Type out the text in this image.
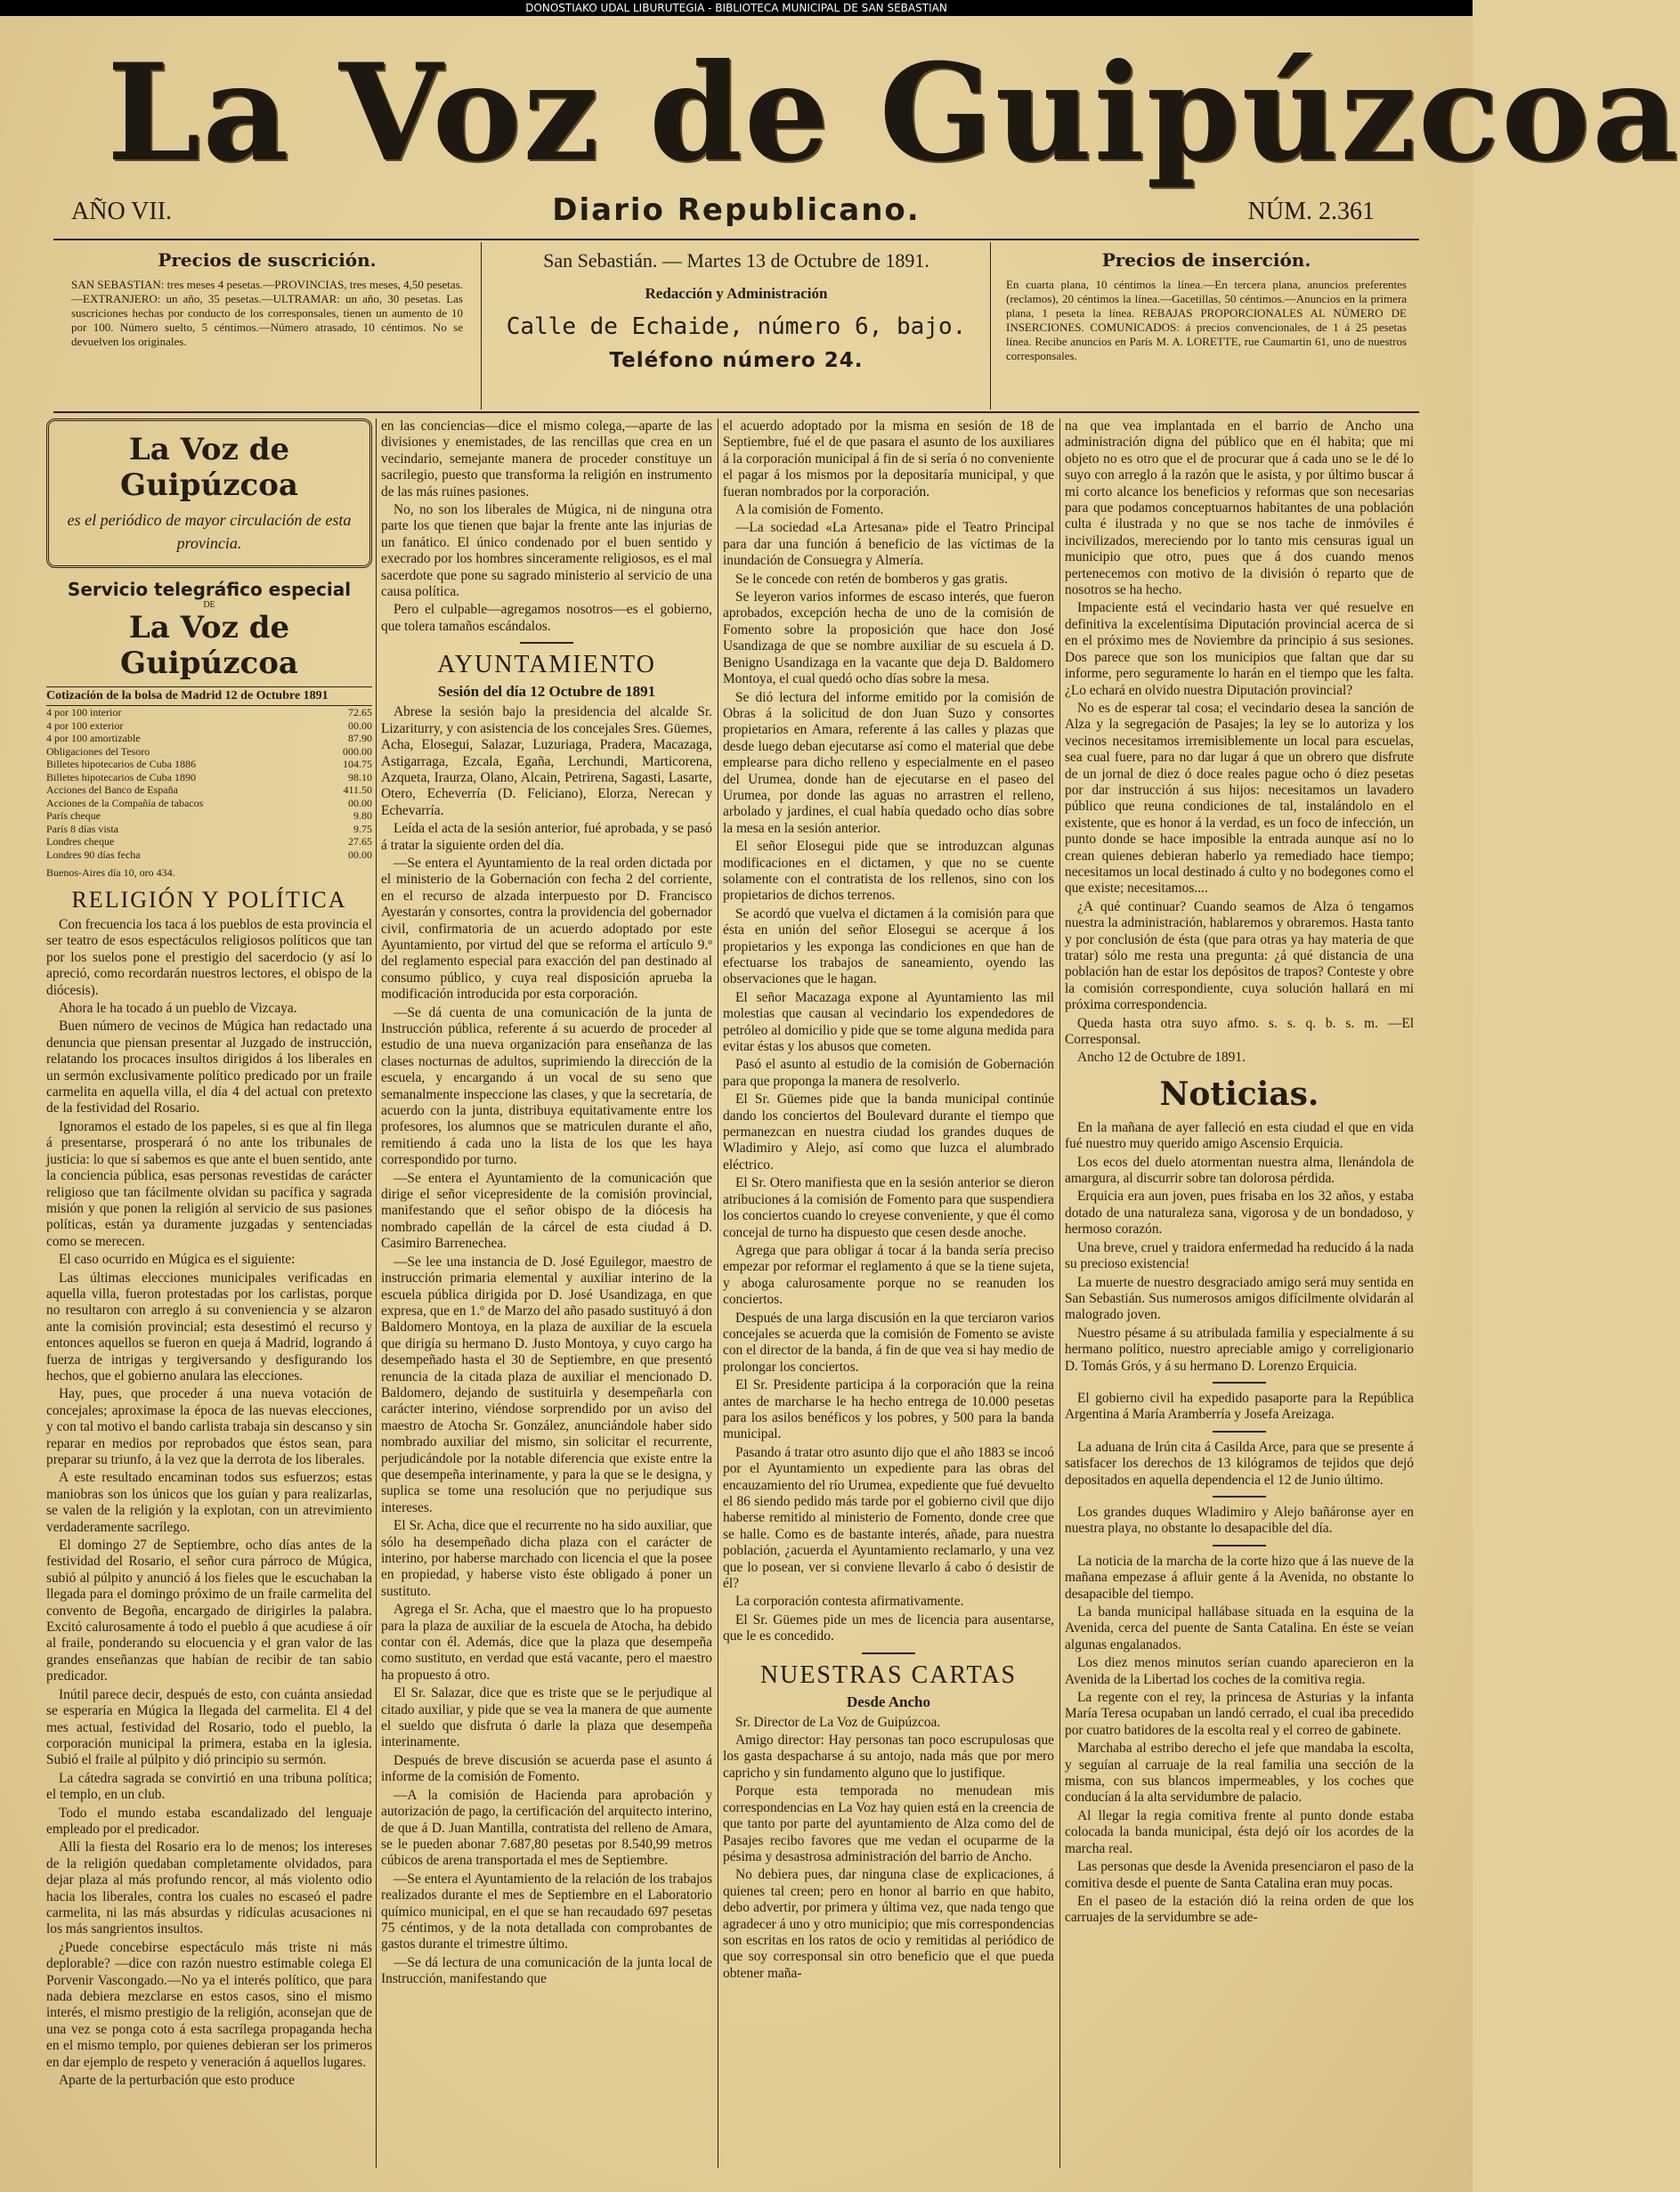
DONOSTIAKO UDAL LIBURUTEGIA - BIBLIOTECA MUNICIPAL DE SAN SEBASTIAN
La Voz de Guipúzcoa
AÑO VII.	Diario Republicano.	NÚM. 2.361
Precios de suscrición.
SAN SEBASTIAN: tres meses 4 pesetas.—PROVINCIAS, tres meses, 4,50 pesetas.—EXTRANJERO: un año, 35 pesetas.—ULTRAMAR: un año, 30 pesetas. Las suscriciones hechas por conducto de los corresponsales, tienen un aumento de 10 por 100. Número suelto, 5 céntimos.—Número atrasado, 10 céntimos. No se devuelven los originales.
San Sebastián. — Martes 13 de Octubre de 1891.
Redacción y Administración
Calle de Echaide, número 6, bajo.
Teléfono número 24.
Precios de inserción.
En cuarta plana, 10 céntimos la línea.—En tercera plana, anuncios preferentes (reclamos), 20 céntimos la línea.—Gacetillas, 50 céntimos.—Anuncios en la primera plana, 1 peseta la línea. REBAJAS PROPORCIONALES AL NÚMERO DE INSERCIONES. COMUNICADOS: á precios convencionales, de 1 á 25 pesetas línea. Recibe anuncios en París M. A. LORETTE, rue Caumartin 61, uno de nuestros corresponsales.
La Voz de Guipúzcoa
es el periódico de mayor circulación de esta provincia.
Servicio telegráfico especial
DE
La Voz de Guipúzcoa
Cotización de la bolsa de Madrid 12 de Octubre 1891
4 por 100 interior	72.65
4 por 100 exterior	00.00
4 por 100 amortizable	87.90
Obligaciones del Tesoro	000.00
Billetes hipotecarios de Cuba 1886	104.75
Billetes hipotecarios de Cuba 1890	98.10
Acciones del Banco de España	411.50
Acciones de la Compañía de tabacos	00.00
París cheque	9.80
París 8 días vista	9.75
Londres cheque	27.65
Londres 90 días fecha	00.00
Buenos-Aires día 10, oro 434.
RELIGIÓN Y POLÍTICA

Con frecuencia los taca á los pueblos de esta provincia el ser teatro de esos espectáculos religiosos políticos que tan por los suelos pone el prestigio del sacerdocio (y así lo apreció, como recordarán nuestros lectores, el obispo de la diócesis).

Ahora le ha tocado á un pueblo de Vizcaya.

Buen número de vecinos de Múgica han redactado una denuncia que piensan presentar al Juzgado de instrucción, relatando los procaces insultos dirigidos á los liberales en un sermón exclusivamente político predicado por un fraile carmelita en aquella villa, el día 4 del actual con pretexto de la festividad del Rosario.

Ignoramos el estado de los papeles, si es que al fin llega á presentarse, prosperará ó no ante los tribunales de justicia: lo que sí sabemos es que ante el buen sentido, ante la conciencia pública, esas personas revestidas de carácter religioso que tan fácilmente olvidan su pacífica y sagrada misión y que ponen la religión al servicio de sus pasiones políticas, están ya duramente juzgadas y sentenciadas como se merecen.

El caso ocurrido en Múgica es el siguiente:

Las últimas elecciones municipales verificadas en aquella villa, fueron protestadas por los carlistas, porque no resultaron con arreglo á su conveniencia y se alzaron ante la comisión provincial; esta desestimó el recurso y entonces aquellos se fueron en queja á Madrid, logrando á fuerza de intrigas y tergiversando y desfigurando los hechos, que el gobierno anulara las elecciones.

Hay, pues, que proceder á una nueva votación de concejales; aproximase la época de las nuevas elecciones, y con tal motivo el bando carlista trabaja sin descanso y sin reparar en medios por reprobados que éstos sean, para preparar su triunfo, á la vez que la derrota de los liberales.

A este resultado encaminan todos sus esfuerzos; estas maniobras son los únicos que los guían y para realizarlas, se valen de la religión y la explotan, con un atrevimiento verdaderamente sacrílego.

El domingo 27 de Septiembre, ocho días antes de la festividad del Rosario, el señor cura párroco de Múgica, subió al púlpito y anunció á los fieles que le escuchaban la llegada para el domingo próximo de un fraile carmelita del convento de Begoña, encargado de dirigirles la palabra. Excitó calurosamente á todo el pueblo á que acudiese á oír al fraile, ponderando su elocuencia y el gran valor de las grandes enseñanzas que habían de recibir de tan sabio predicador.

Inútil parece decir, después de esto, con cuánta ansiedad se esperaría en Múgica la llegada del carmelita. El 4 del mes actual, festividad del Rosario, todo el pueblo, la corporación municipal la primera, estaba en la iglesia. Subió el fraile al púlpito y dió principio su sermón.

La cátedra sagrada se convirtió en una tribuna política; el templo, en un club.

Todo el mundo estaba escandalizado del lenguaje empleado por el predicador.

Allí la fiesta del Rosario era lo de menos; los intereses de la religión quedaban completamente olvidados, para dejar plaza al más profundo rencor, al más violento odio hacia los liberales, contra los cuales no escaseó el padre carmelita, ni las más absurdas y ridículas acusaciones ni los más sangrientos insultos.

¿Puede concebirse espectáculo más triste ni más deplorable? —dice con razón nuestro estimable colega El Porvenir Vascongado.—No ya el interés político, que para nada debiera mezclarse en estos casos, sino el mismo interés, el mismo prestigio de la religión, aconsejan que de una vez se ponga coto á esta sacrílega propaganda hecha en el mismo templo, por quienes debieran ser los primeros en dar ejemplo de respeto y veneración á aquellos lugares.

Aparte de la perturbación que esto produce

en las conciencias—dice el mismo colega,—aparte de las divisiones y enemistades, de las rencillas que crea en un vecindario, semejante manera de proceder constituye un sacrilegio, puesto que transforma la religión en instrumento de las más ruines pasiones.

No, no son los liberales de Múgica, ni de ninguna otra parte los que tienen que bajar la frente ante las injurias de un fanático. El único condenado por el buen sentido y execrado por los hombres sinceramente religiosos, es el mal sacerdote que pone su sagrado ministerio al servicio de una causa política.

Pero el culpable—agregamos nosotros—es el gobierno, que tolera tamaños escándalos.

AYUNTAMIENTO
Sesión del día 12 Octubre de 1891

Abrese la sesión bajo la presidencia del alcalde Sr. Lizariturry, y con asistencia de los concejales Sres. Güemes, Acha, Elosegui, Salazar, Luzuriaga, Pradera, Macazaga, Astigarraga, Ezcala, Egaña, Lerchundi, Marticorena, Azqueta, Iraurza, Olano, Alcain, Petrirena, Sagasti, Lasarte, Otero, Echeverría (D. Feliciano), Elorza, Nerecan y Echevarría.

Leída el acta de la sesión anterior, fué aprobada, y se pasó á tratar la siguiente orden del día.

—Se entera el Ayuntamiento de la real orden dictada por el ministerio de la Gobernación con fecha 2 del corriente, en el recurso de alzada interpuesto por D. Francisco Ayestarán y consortes, contra la providencia del gobernador civil, confirmatoria de un acuerdo adoptado por este Ayuntamiento, por virtud del que se reforma el artículo 9.º del reglamento especial para exacción del pan destinado al consumo público, y cuya real disposición aprueba la modificación introducida por esta corporación.

—Se dá cuenta de una comunicación de la junta de Instrucción pública, referente á su acuerdo de proceder al estudio de una nueva organización para enseñanza de las clases nocturnas de adultos, suprimiendo la dirección de la escuela, y encargando á un vocal de su seno que semanalmente inspeccione las clases, y que la secretaría, de acuerdo con la junta, distribuya equitativamente entre los profesores, los alumnos que se matriculen durante el año, remitiendo á cada uno la lista de los que les haya correspondido por turno.

—Se entera el Ayuntamiento de la comunicación que dirige el señor vicepresidente de la comisión provincial, manifestando que el señor obispo de la diócesis ha nombrado capellán de la cárcel de esta ciudad á D. Casimiro Barrenechea.

—Se lee una instancia de D. José Eguilegor, maestro de instrucción primaria elemental y auxiliar interino de la escuela pública dirigida por D. José Usandizaga, en que expresa, que en 1.º de Marzo del año pasado sustituyó á don Baldomero Montoya, en la plaza de auxiliar de la escuela que dirigía su hermano D. Justo Montoya, y cuyo cargo ha desempeñado hasta el 30 de Septiembre, en que presentó renuncia de la citada plaza de auxiliar el mencionado D. Baldomero, dejando de sustituirla y desempeñarla con carácter interino, viéndose sorprendido por un aviso del maestro de Atocha Sr. González, anunciándole haber sido nombrado auxiliar del mismo, sin solicitar el recurrente, perjudicándole por la notable diferencia que existe entre la que desempeña interinamente, y para la que se le designa, y suplica se tome una resolución que no perjudique sus intereses.

El Sr. Acha, dice que el recurrente no ha sido auxiliar, que sólo ha desempeñado dicha plaza con el carácter de interino, por haberse marchado con licencia el que la posee en propiedad, y haberse visto éste obligado á poner un sustituto.

Agrega el Sr. Acha, que el maestro que lo ha propuesto para la plaza de auxiliar de la escuela de Atocha, ha debido contar con él. Además, dice que la plaza que desempeña como sustituto, en verdad que está vacante, pero el maestro ha propuesto á otro.

El Sr. Salazar, dice que es triste que se le perjudique al citado auxiliar, y pide que se vea la manera de que aumente el sueldo que disfruta ó darle la plaza que desempeña interinamente.

Después de breve discusión se acuerda pase el asunto á informe de la comisión de Fomento.

—A la comisión de Hacienda para aprobación y autorización de pago, la certificación del arquitecto interino, de que á D. Juan Mantilla, contratista del relleno de Amara, se le pueden abonar 7.687,80 pesetas por 8.540,99 metros cúbicos de arena transportada el mes de Septiembre.

—Se entera el Ayuntamiento de la relación de los trabajos realizados durante el mes de Septiembre en el Laboratorio químico municipal, en el que se han recaudado 697 pesetas 75 céntimos, y de la nota detallada con comprobantes de gastos durante el trimestre último.

—Se dá lectura de una comunicación de la junta local de Instrucción, manifestando que

el acuerdo adoptado por la misma en sesión de 18 de Septiembre, fué el de que pasara el asunto de los auxiliares á la corporación municipal á fin de si sería ó no conveniente el pagar á los mismos por la depositaría municipal, y que fueran nombrados por la corporación.

A la comisión de Fomento.

—La sociedad «La Artesana» pide el Teatro Principal para dar una función á beneficio de las víctimas de la inundación de Consuegra y Almería.

Se le concede con retén de bomberos y gas gratis.

Se leyeron varios informes de escaso interés, que fueron aprobados, excepción hecha de uno de la comisión de Fomento sobre la proposición que hace don José Usandizaga de que se nombre auxiliar de su escuela á D. Benigno Usandizaga en la vacante que deja D. Baldomero Montoya, el cual quedó ocho días sobre la mesa.

Se dió lectura del informe emitido por la comisión de Obras á la solicitud de don Juan Suzo y consortes propietarios en Amara, referente á las calles y plazas que desde luego deban ejecutarse así como el material que debe emplearse para dicho relleno y especialmente en el paseo del Urumea, donde han de ejecutarse en el paseo del Urumea, por donde las aguas no arrastren el relleno, arbolado y jardines, el cual había quedado ocho días sobre la mesa en la sesión anterior.

El señor Elosegui pide que se introduzcan algunas modificaciones en el dictamen, y que no se cuente solamente con el contratista de los rellenos, sino con los propietarios de dichos terrenos.

Se acordó que vuelva el dictamen á la comisión para que ésta en unión del señor Elosegui se acerque á los propietarios y les exponga las condiciones en que han de efectuarse los trabajos de saneamiento, oyendo las observaciones que le hagan.

El señor Macazaga expone al Ayuntamiento las mil molestias que causan al vecindario los expendedores de petróleo al domicilio y pide que se tome alguna medida para evitar éstas y los abusos que cometen.

Pasó el asunto al estudio de la comisión de Gobernación para que proponga la manera de resolverlo.

El Sr. Güemes pide que la banda municipal continúe dando los conciertos del Boulevard durante el tiempo que permanezcan en nuestra ciudad los grandes duques de Wladimiro y Alejo, así como que luzca el alumbrado eléctrico.

El Sr. Otero manifiesta que en la sesión anterior se dieron atribuciones á la comisión de Fomento para que suspendiera los conciertos cuando lo creyese conveniente, y que él como concejal de turno ha dispuesto que cesen desde anoche.

Agrega que para obligar á tocar á la banda sería preciso empezar por reformar el reglamento á que se la tiene sujeta, y aboga calurosamente porque no se reanuden los conciertos.

Después de una larga discusión en la que terciaron varios concejales se acuerda que la comisión de Fomento se aviste con el director de la banda, á fin de que vea si hay medio de prolongar los conciertos.

El Sr. Presidente participa á la corporación que la reina antes de marcharse le ha hecho entrega de 10.000 pesetas para los asilos benéficos y los pobres, y 500 para la banda municipal.

Pasando á tratar otro asunto dijo que el año 1883 se incoó por el Ayuntamiento un expediente para las obras del encauzamiento del río Urumea, expediente que fué devuelto el 86 siendo pedido más tarde por el gobierno civil que dijo haberse remitido al ministerio de Fomento, donde cree que se halle. Como es de bastante interés, añade, para nuestra población, ¿acuerda el Ayuntamiento reclamarlo, y una vez que lo posean, ver si conviene llevarlo á cabo ó desistir de él?

La corporación contesta afirmativamente.

El Sr. Güemes pide un mes de licencia para ausentarse, que le es concedido.

NUESTRAS CARTAS
Desde Ancho

Sr. Director de La Voz de Guipúzcoa.

Amigo director: Hay personas tan poco escrupulosas que los gasta despacharse á su antojo, nada más que por mero capricho y sin fundamento alguno que lo justifique.

Porque esta temporada no menudean mis correspondencias en La Voz hay quien está en la creencia de que tanto por parte del ayuntamiento de Alza como del de Pasajes recibo favores que me vedan el ocuparme de la pésima y desastrosa administración del barrio de Ancho.

No debiera pues, dar ninguna clase de explicaciones, á quienes tal creen; pero en honor al barrio en que habito, debo advertir, por primera y última vez, que nada tengo que agradecer á uno y otro municipio; que mis correspondencias son escritas en los ratos de ocio y remitidas al periódico de que soy corresponsal sin otro beneficio que el que pueda obtener maña-

na que vea implantada en el barrio de Ancho una administración digna del público que en él habita; que mi objeto no es otro que el de procurar que á cada uno se le dé lo suyo con arreglo á la razón que le asista, y por último buscar á mi corto alcance los beneficios y reformas que son necesarias para que podamos conceptuarnos habitantes de una población culta é ilustrada y no que se nos tache de inmóviles é incivilizados, mereciendo por lo tanto mis censuras igual un municipio que otro, pues que á dos cuando menos pertenecemos con motivo de la división ó reparto que de nosotros se ha hecho.

Impaciente está el vecindario hasta ver qué resuelve en definitiva la excelentísima Diputación provincial acerca de si en el próximo mes de Noviembre da principio á sus sesiones. Dos parece que son los municipios que faltan que dar su informe, pero seguramente lo harán en el tiempo que les falta. ¿Lo echará en olvido nuestra Diputación provincial?

No es de esperar tal cosa; el vecindario desea la sanción de Alza y la segregación de Pasajes; la ley se lo autoriza y los vecinos necesitamos irremisiblemente un local para escuelas, sea cual fuere, para no dar lugar á que un obrero que disfrute de un jornal de diez ó doce reales pague ocho ó diez pesetas por dar instrucción á sus hijos: necesitamos un lavadero público que reuna condiciones de tal, instalándolo en el existente, que es honor á la verdad, es un foco de infección, un punto donde se hace imposible la entrada aunque así no lo crean quienes debieran haberlo ya remediado hace tiempo; necesitamos un local destinado á culto y no bodegones como el que existe; necesitamos....

¿A qué continuar? Cuando seamos de Alza ó tengamos nuestra la administración, hablaremos y obraremos. Hasta tanto y por conclusión de ésta (que para otras ya hay materia de que tratar) sólo me resta una pregunta: ¿á qué distancia de una población han de estar los depósitos de trapos? Conteste y obre la comisión correspondiente, cuya solución hallará en mi próxima correspondencia.

Queda hasta otra suyo afmo. s. s. q. b. s. m. —El Corresponsal.

Ancho 12 de Octubre de 1891.

Noticias.

En la mañana de ayer falleció en esta ciudad el que en vida fué nuestro muy querido amigo Ascensio Erquicia.

Los ecos del duelo atormentan nuestra alma, llenándola de amargura, al discurrir sobre tan dolorosa pérdida.

Erquicia era aun joven, pues frisaba en los 32 años, y estaba dotado de una naturaleza sana, vigorosa y de un bondadoso, y hermoso corazón.

Una breve, cruel y traidora enfermedad ha reducido á la nada su precioso existencia!

La muerte de nuestro desgraciado amigo será muy sentida en San Sebastián. Sus numerosos amigos difícilmente olvidarán al malogrado joven.

Nuestro pésame á su atribulada familia y especialmente á su hermano político, nuestro apreciable amigo y correligionario D. Tomás Grós, y á su hermano D. Lorenzo Erquicia.

El gobierno civil ha expedido pasaporte para la República Argentina á María Aramberría y Josefa Areizaga.

La aduana de Irún cita á Casilda Arce, para que se presente á satisfacer los derechos de 13 kilógramos de tejidos que dejó depositados en aquella dependencia el 12 de Junio último.

Los grandes duques Wladimiro y Alejo bañáronse ayer en nuestra playa, no obstante lo desapacible del día.

La noticia de la marcha de la corte hizo que á las nueve de la mañana empezase á afluir gente á la Avenida, no obstante lo desapacible del tiempo.

La banda municipal hallábase situada en la esquina de la Avenida, cerca del puente de Santa Catalina. En éste se veían algunas engalanados.

Los diez menos minutos serían cuando aparecieron en la Avenida de la Libertad los coches de la comitiva regia.

La regente con el rey, la princesa de Asturias y la infanta María Teresa ocupaban un landó cerrado, el cual iba precedido por cuatro batidores de la escolta real y el correo de gabinete.

Marchaba al estribo derecho el jefe que mandaba la escolta, y seguían al carruaje de la real familia una sección de la misma, con sus blancos impermeables, y los coches que conducían á la alta servidumbre de palacio.

Al llegar la regia comitiva frente al punto donde estaba colocada la banda municipal, ésta dejó oír los acordes de la marcha real.

Las personas que desde la Avenida presenciaron el paso de la comitiva desde el puente de Santa Catalina eran muy pocas.

En el paseo de la estación dió la reina orden de que los carruajes de la servidumbre se ade-
